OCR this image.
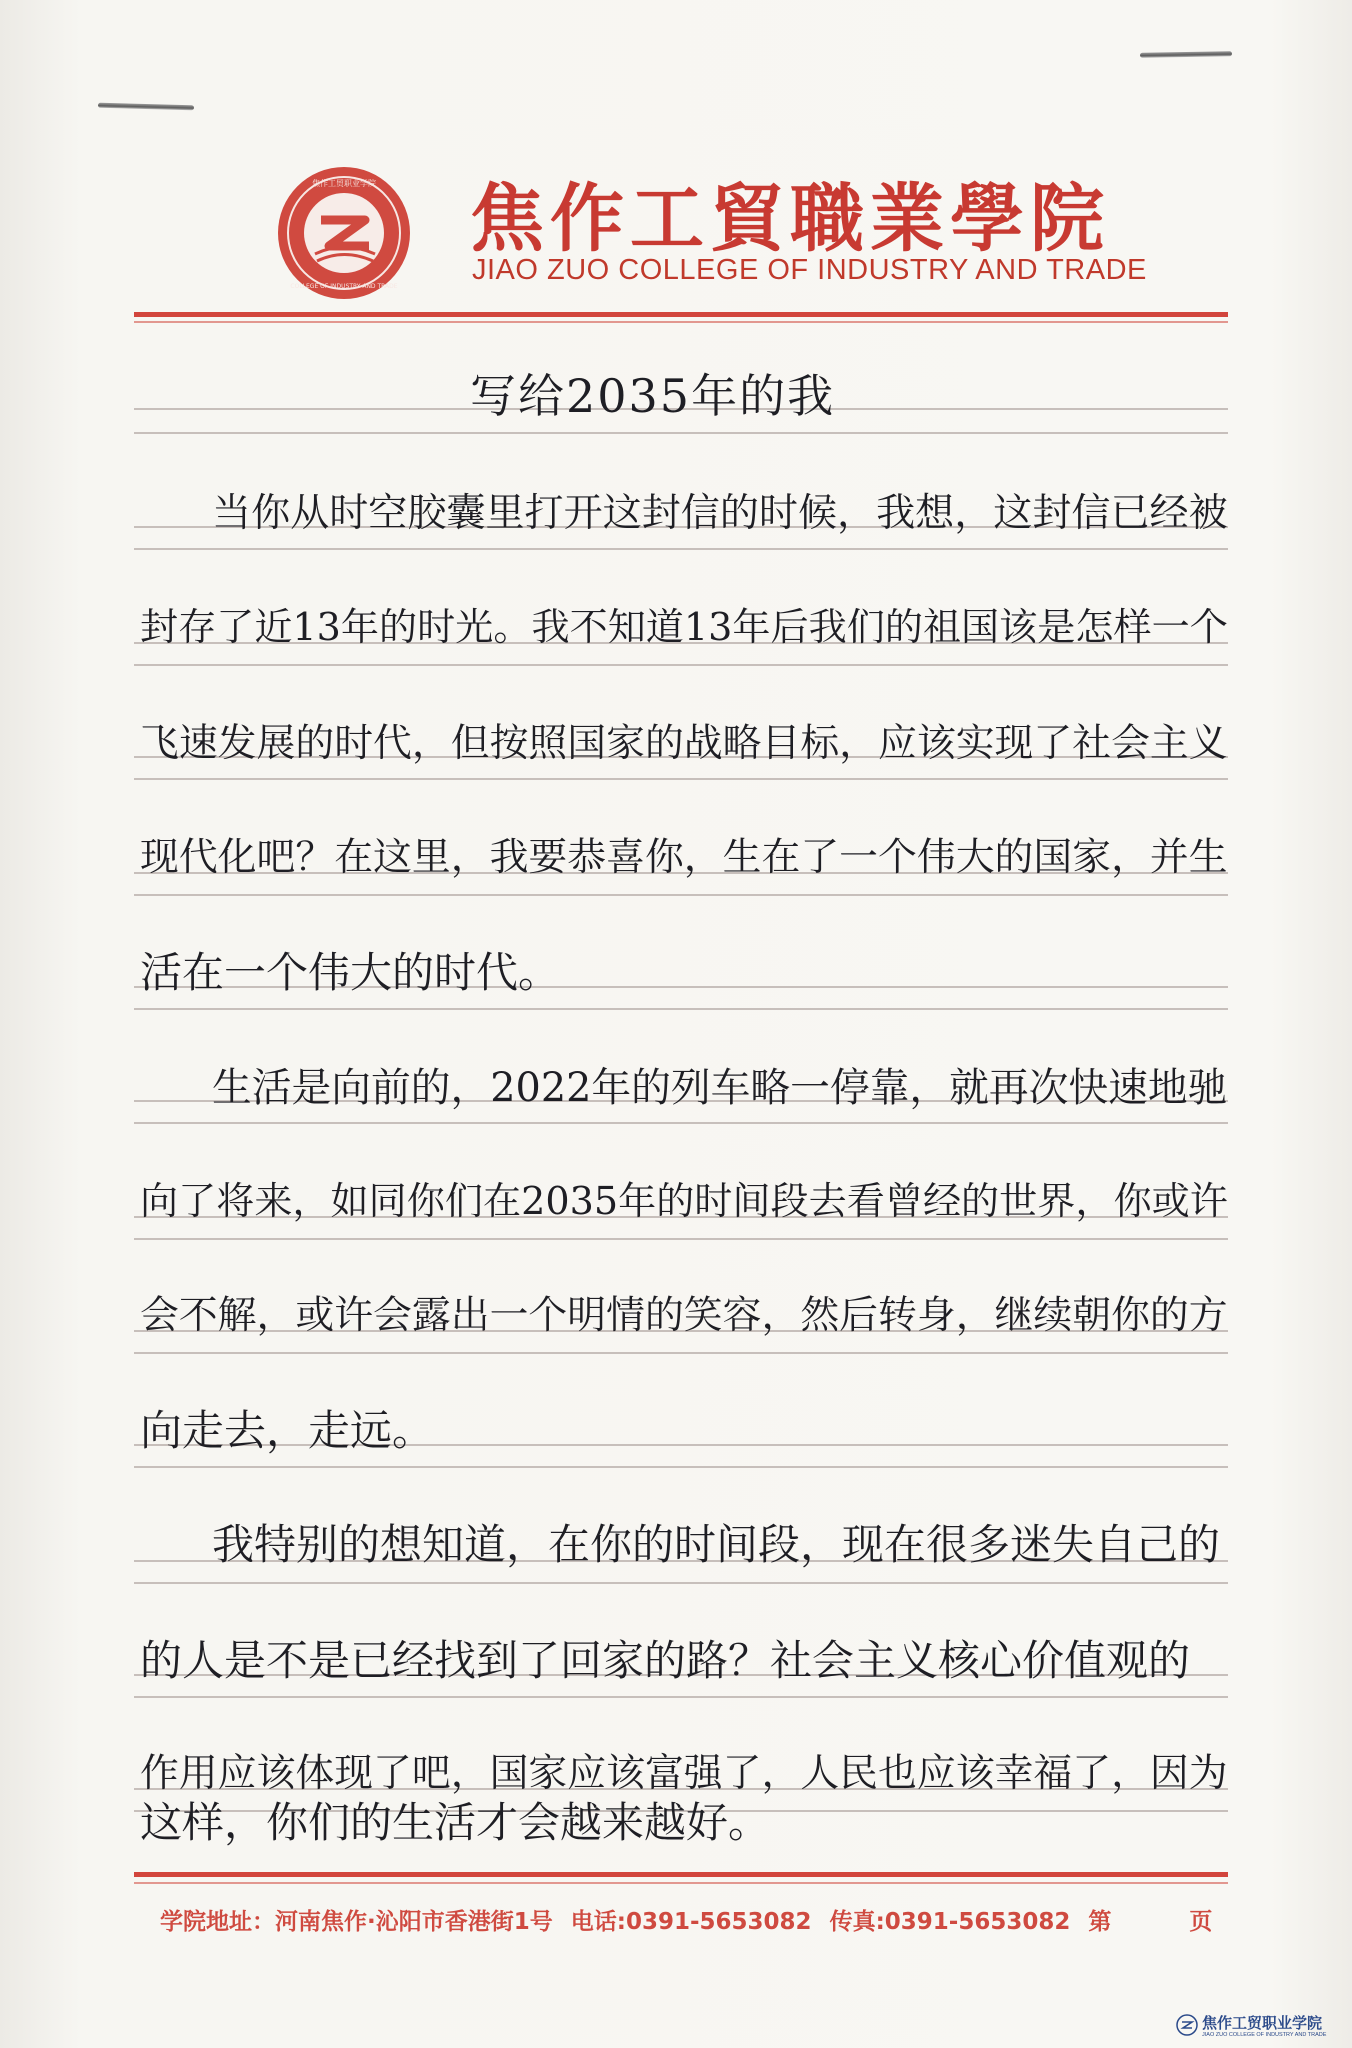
焦作工贸职业学院
COLLEGE OF INDUSTRY AND TRADE
焦作工貿職業學院
JIAO ZUO COLLEGE OF INDUSTRY AND TRADE
写给2035年的我
当你从时空胶囊里打开这封信的时候，我想，这封信已经被
封存了近13年的时光。我不知道13年后我们的祖国该是怎样一个
飞速发展的时代，但按照国家的战略目标，应该实现了社会主义
现代化吧？在这里，我要恭喜你，生在了一个伟大的国家，并生
活在一个伟大的时代。
生活是向前的，2022年的列车略一停靠，就再次快速地驰
向了将来，如同你们在2035年的时间段去看曾经的世界，你或许
会不解，或许会露出一个明情的笑容，然后转身，继续朝你的方
向走去，走远。
我特别的想知道，在你的时间段，现在很多迷失自己的
的人是不是已经找到了回家的路？社会主义核心价值观的
作用应该体现了吧，国家应该富强了，人民也应该幸福了，因为
这样，你们的生活才会越来越好。
学院地址：河南焦作·沁阳市香港街1号 电话:0391-5653082 传真:0391-5653082 第	页
焦作工贸职业学院
JIAO ZUO COLLEGE OF INDUSTRY AND TRADE
